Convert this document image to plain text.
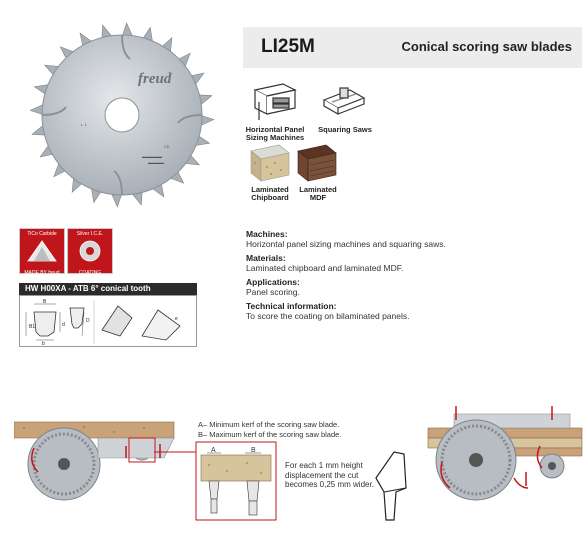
freud
⊥ 1
▬▬▬▬▬
▬▬▬▬
CE
LI25M	Conical scoring saw blades
Horizontal Panel
Sizing Machines
Squaring Saws
Laminated
Chipboard
Laminated
MDF
Machines:
Horizontal panel sizing machines and squaring saws.
Materials:
Laminated chipboard and laminated MDF.
Applications:
Panel scoring.
Technical information:
To score the coating on bilaminated panels.
TiCo Carbide
MADE BY freud
Silver I.C.E.
COATING
HW H00XA - ATB 6° conical tooth
B
B1
b
d
D	e
A– Minimum kerf of the scoring saw blade.
B– Maximum kerf of the scoring saw blade.
A	B
For each 1 mm height displacement the cut becomes 0,25 mm wider.
